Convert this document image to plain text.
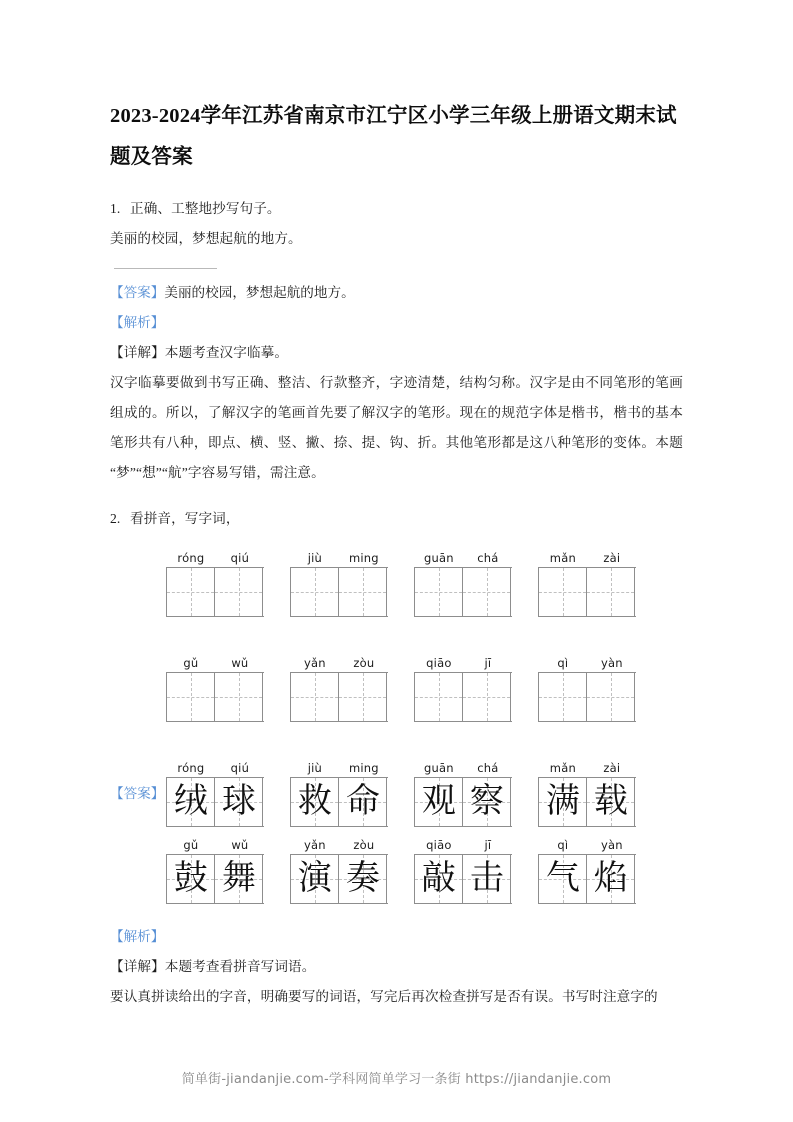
2023-2024学年江苏省南京市江宁区小学三年级上册语文期末试题及答案

1. 正确、工整地抄写句子。

美丽的校园，梦想起航的地方。

【答案】美丽的校园，梦想起航的地方。

【解析】

【详解】本题考查汉字临摹。

汉字临摹要做到书写正确、整洁、行款整齐，字迹清楚，结构匀称。汉字是由不同笔形的笔画组成的。所以，了解汉字的笔画首先要了解汉字的笔形。现在的规范字体是楷书，楷书的基本笔形共有八种，即点、横、竖、撇、捺、提、钩、折。其他笔形都是这八种笔形的变体。本题“梦”“想”“航”字容易写错，需注意。

2. 看拼音，写字词，

róng	qiú	jiù	ming	guān	chá	mǎn	zài
gǔ	wǔ	yǎn	zòu	qiāo	jī	qì	yàn
【答案】
róng	qiú
绒 球
jiù	ming
救 命
guān	chá
观 察
mǎn	zài
满 载
gǔ	wǔ
鼓 舞
yǎn	zòu
演 奏
qiāo	jī
敲 击
qì	yàn
气 焰

【解析】

【详解】本题考查看拼音写词语。

要认真拼读给出的字音，明确要写的词语，写完后再次检查拼写是否有误。书写时注意字的

简单街-jiandanjie.com-学科网简单学习一条街 https://jiandanjie.com
